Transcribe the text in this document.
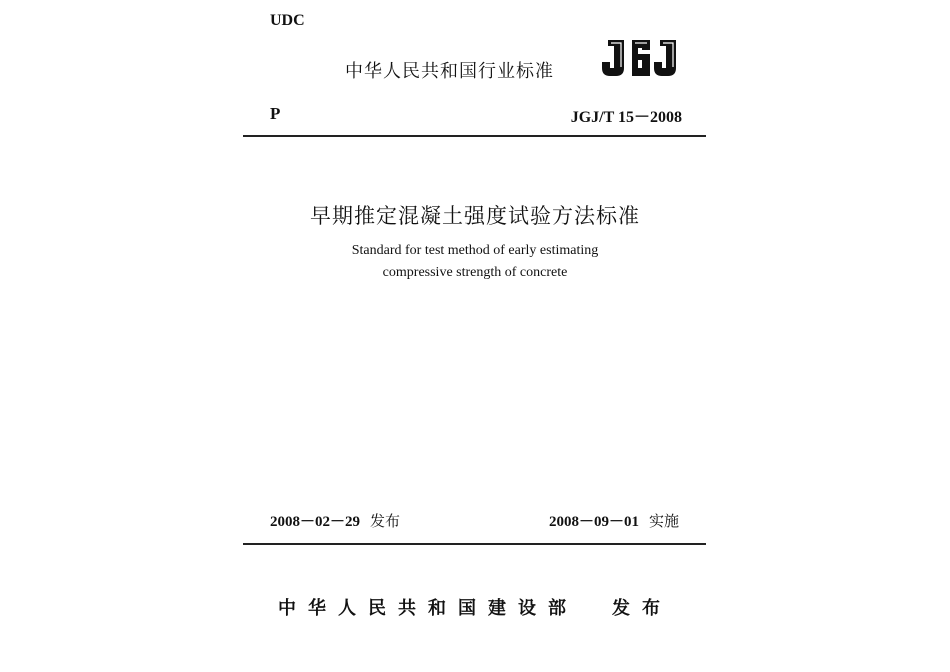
UDC
中华人民共和国行业标准
P	JGJ/T 15－2008
早期推定混凝土强度试验方法标准
Standard for test method of early estimating
compressive strength of concrete
2008－02－29 发布	2008－09－01 实施
中华人民共和国建设部 发布
